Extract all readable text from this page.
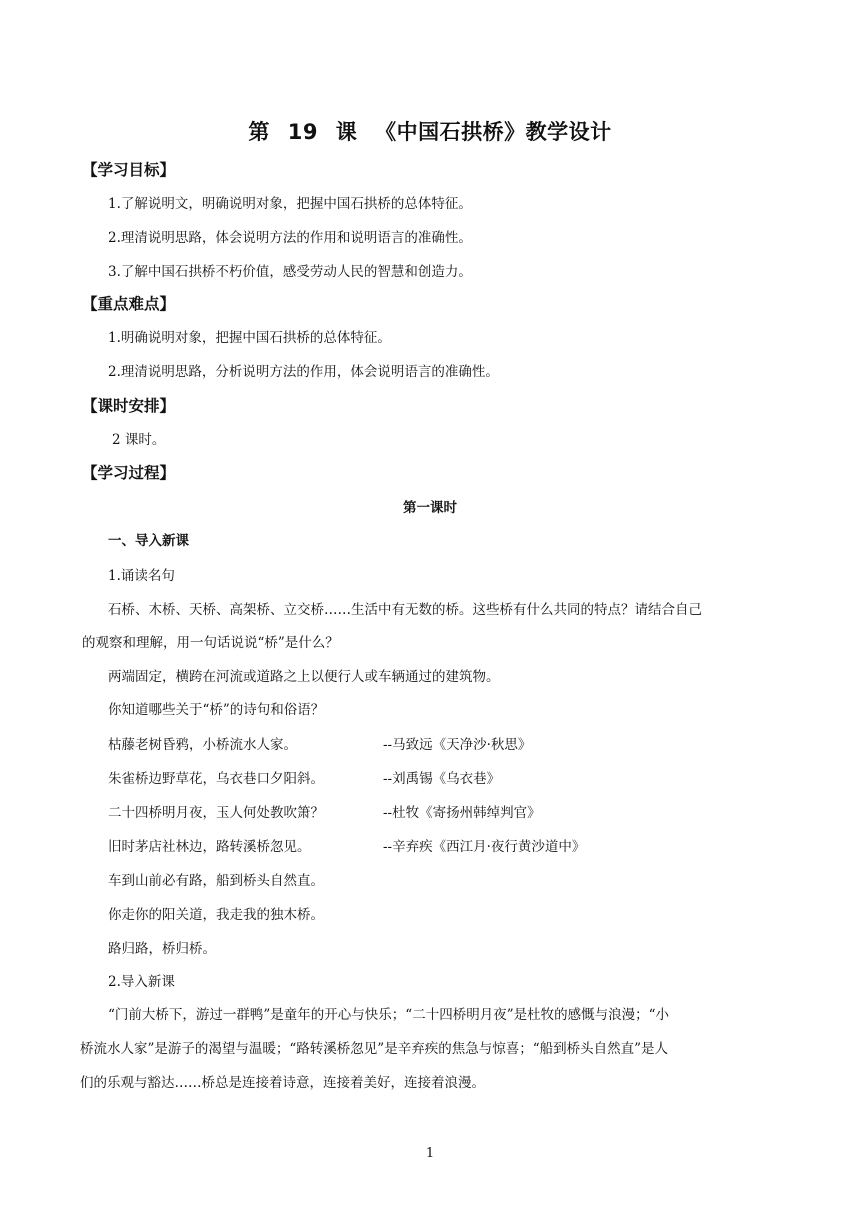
第 19 课 《中国石拱桥》教学设计
【学习目标】
1.了解说明文，明确说明对象，把握中国石拱桥的总体特征。
2.理清说明思路，体会说明方法的作用和说明语言的准确性。
3.了解中国石拱桥不朽价值，感受劳动人民的智慧和创造力。
【重点难点】
1.明确说明对象，把握中国石拱桥的总体特征。
2.理清说明思路，分析说明方法的作用，体会说明语言的准确性。
【课时安排】
2 课时。
【学习过程】
第一课时
一、导入新课
1.诵读名句
石桥、木桥、天桥、高架桥、立交桥……生活中有无数的桥。这些桥有什么共同的特点？请结合自己
的观察和理解，用一句话说说“桥”是什么？
两端固定，横跨在河流或道路之上以便行人或车辆通过的建筑物。
你知道哪些关于“桥”的诗句和俗语？
枯藤老树昏鸦，小桥流水人家。	--马致远《天净沙·秋思》
朱雀桥边野草花，乌衣巷口夕阳斜。	--刘禹锡《乌衣巷》
二十四桥明月夜，玉人何处教吹箫？	--杜牧《寄扬州韩绰判官》
旧时茅店社林边，路转溪桥忽见。	--辛弃疾《西江月·夜行黄沙道中》
车到山前必有路，船到桥头自然直。
你走你的阳关道，我走我的独木桥。
路归路，桥归桥。
2.导入新课
“门前大桥下，游过一群鸭”是童年的开心与快乐；“二十四桥明月夜”是杜牧的感慨与浪漫；“小
桥流水人家”是游子的渴望与温暖；“路转溪桥忽见”是辛弃疾的焦急与惊喜；“船到桥头自然直”是人
们的乐观与豁达……桥总是连接着诗意，连接着美好，连接着浪漫。
1
